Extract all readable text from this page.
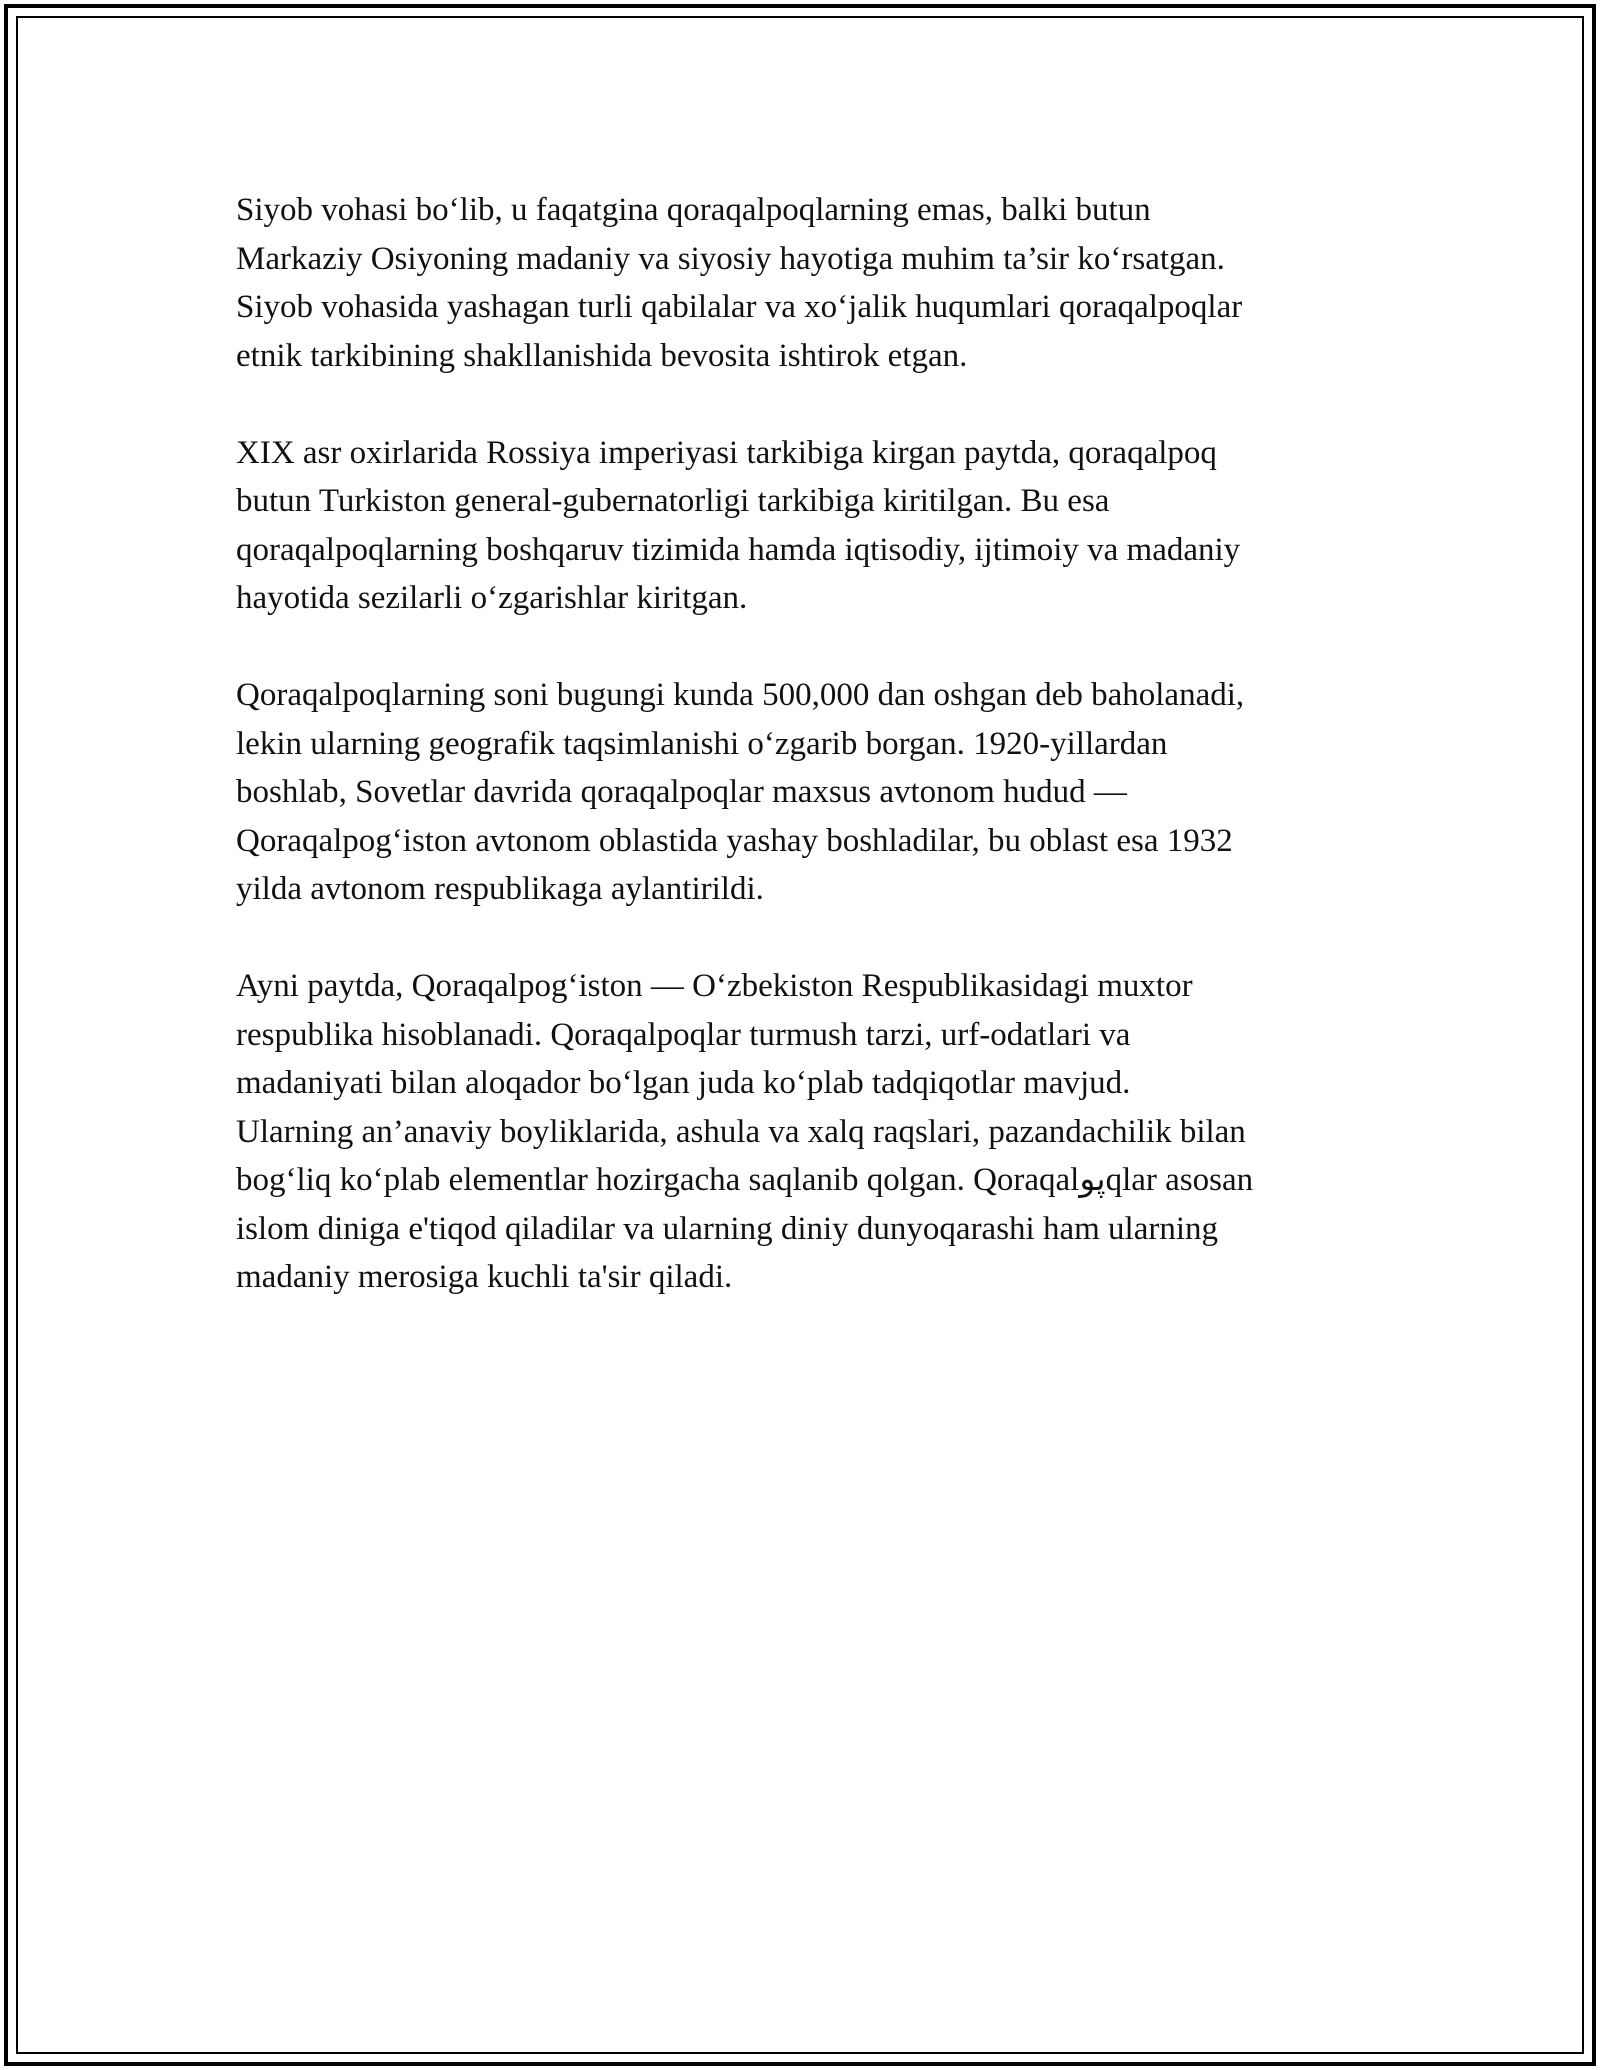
Siyob vohasi bo‘lib, u faqatgina qoraqalpoqlarning emas, balki butun
Markaziy Osiyoning madaniy va siyosiy hayotiga muhim ta’sir ko‘rsatgan.
Siyob vohasida yashagan turli qabilalar va xo‘jalik huqumlari qoraqalpoqlar
etnik tarkibining shakllanishida bevosita ishtirok etgan.

XIX asr oxirlarida Rossiya imperiyasi tarkibiga kirgan paytda, qoraqalpoq
butun Turkiston general-gubernatorligi tarkibiga kiritilgan. Bu esa
qoraqalpoqlarning boshqaruv tizimida hamda iqtisodiy, ijtimoiy va madaniy
hayotida sezilarli o‘zgarishlar kiritgan.

Qoraqalpoqlarning soni bugungi kunda 500,000 dan oshgan deb baholanadi,
lekin ularning geografik taqsimlanishi o‘zgarib borgan. 1920-yillardan
boshlab, Sovetlar davrida qoraqalpoqlar maxsus avtonom hudud —
Qoraqalpog‘iston avtonom oblastida yashay boshladilar, bu oblast esa 1932
yilda avtonom respublikaga aylantirildi.

Ayni paytda, Qoraqalpog‘iston — O‘zbekiston Respublikasidagi muxtor
respublika hisoblanadi. Qoraqalpoqlar turmush tarzi, urf-odatlari va
madaniyati bilan aloqador bo‘lgan juda ko‘plab tadqiqotlar mavjud.
Ularning an’anaviy boyliklarida, ashula va xalq raqslari, pazandachilik bilan
bog‘liq ko‘plab elementlar hozirgacha saqlanib qolgan. Qoraqalپوqlar asosan
islom diniga e'tiqod qiladilar va ularning diniy dunyoqarashi ham ularning
madaniy merosiga kuchli ta'sir qiladi.
